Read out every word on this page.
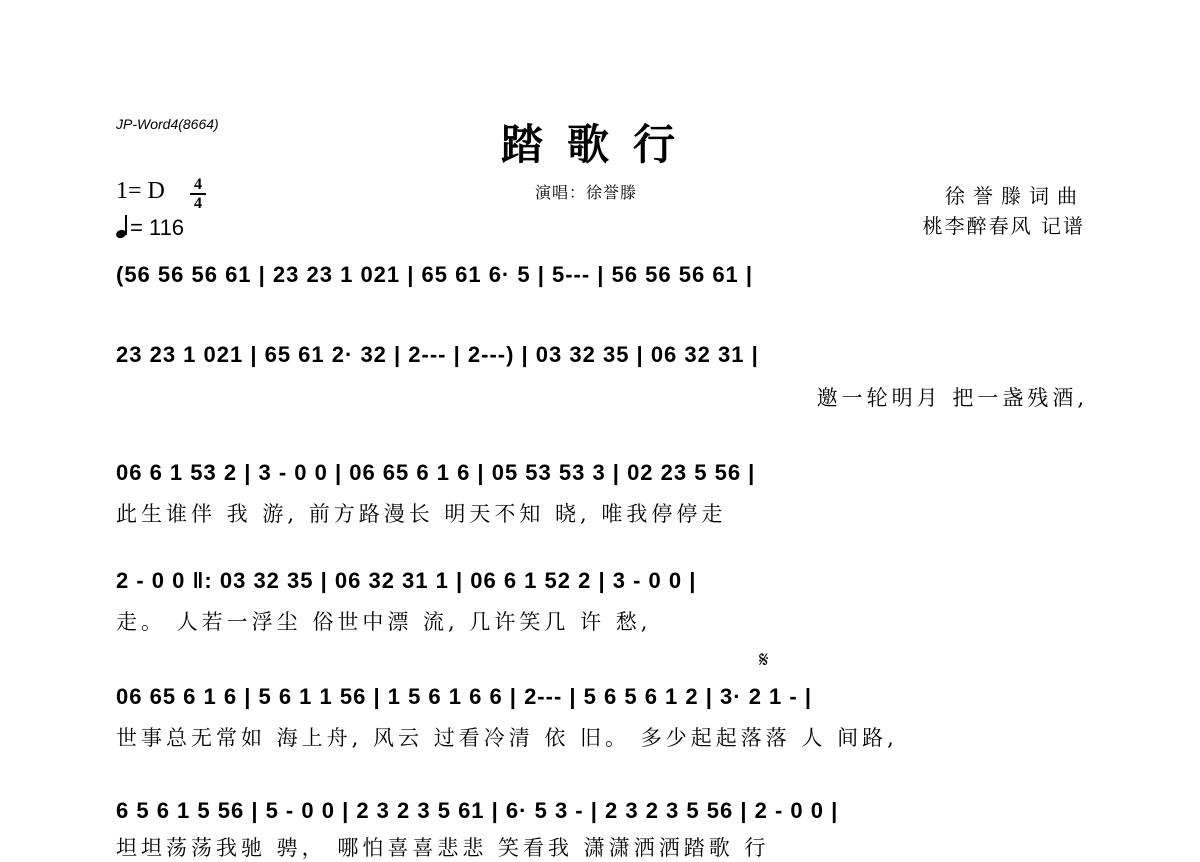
JP-Word4(8664)	踏歌行
1= D	4
4
= 116
演唱：徐誉滕	徐誉滕词曲
桃李醉春风 记谱
(56 56 56 61 | 23 23 1 021 | 65 61 6· 5 | 5--- | 56 56 56 61 |
23 23 1 021 | 65 61 2· 32 | 2--- | 2---) | 03 32 35 | 06 32 31 |
邀一轮明月 把一盏残酒,
06 6 1 53 2 | 3 - 0 0 | 06 65 6 1 6 | 05 53 53 3 | 02 23 5 56 |
此生谁伴 我 游, 前方路漫长 明天不知 晓, 唯我停停走
2 - 0 0 ‖: 03 32 35 | 06 32 31 1 | 06 6 1 52 2 | 3 - 0 0 |
走。 人若一浮尘 俗世中漂 流, 几许笑几 许 愁,
𝄋
06 65 6 1 6 | 5 6 1 1 56 | 1 5 6 1 6 6 | 2--- | 5 6 5 6 1 2 | 3· 2 1 - |
世事总无常如 海上舟, 风云 过看冷清 依 旧。 多少起起落落 人 间路,
6 5 6 1 5 56 | 5 - 0 0 | 2 3 2 3 5 61 | 6· 5 3 - | 2 3 2 3 5 56 | 2 - 0 0 |
坦坦荡荡我驰 骋， 哪怕喜喜悲悲 笑看我 潇潇洒洒踏歌 行
